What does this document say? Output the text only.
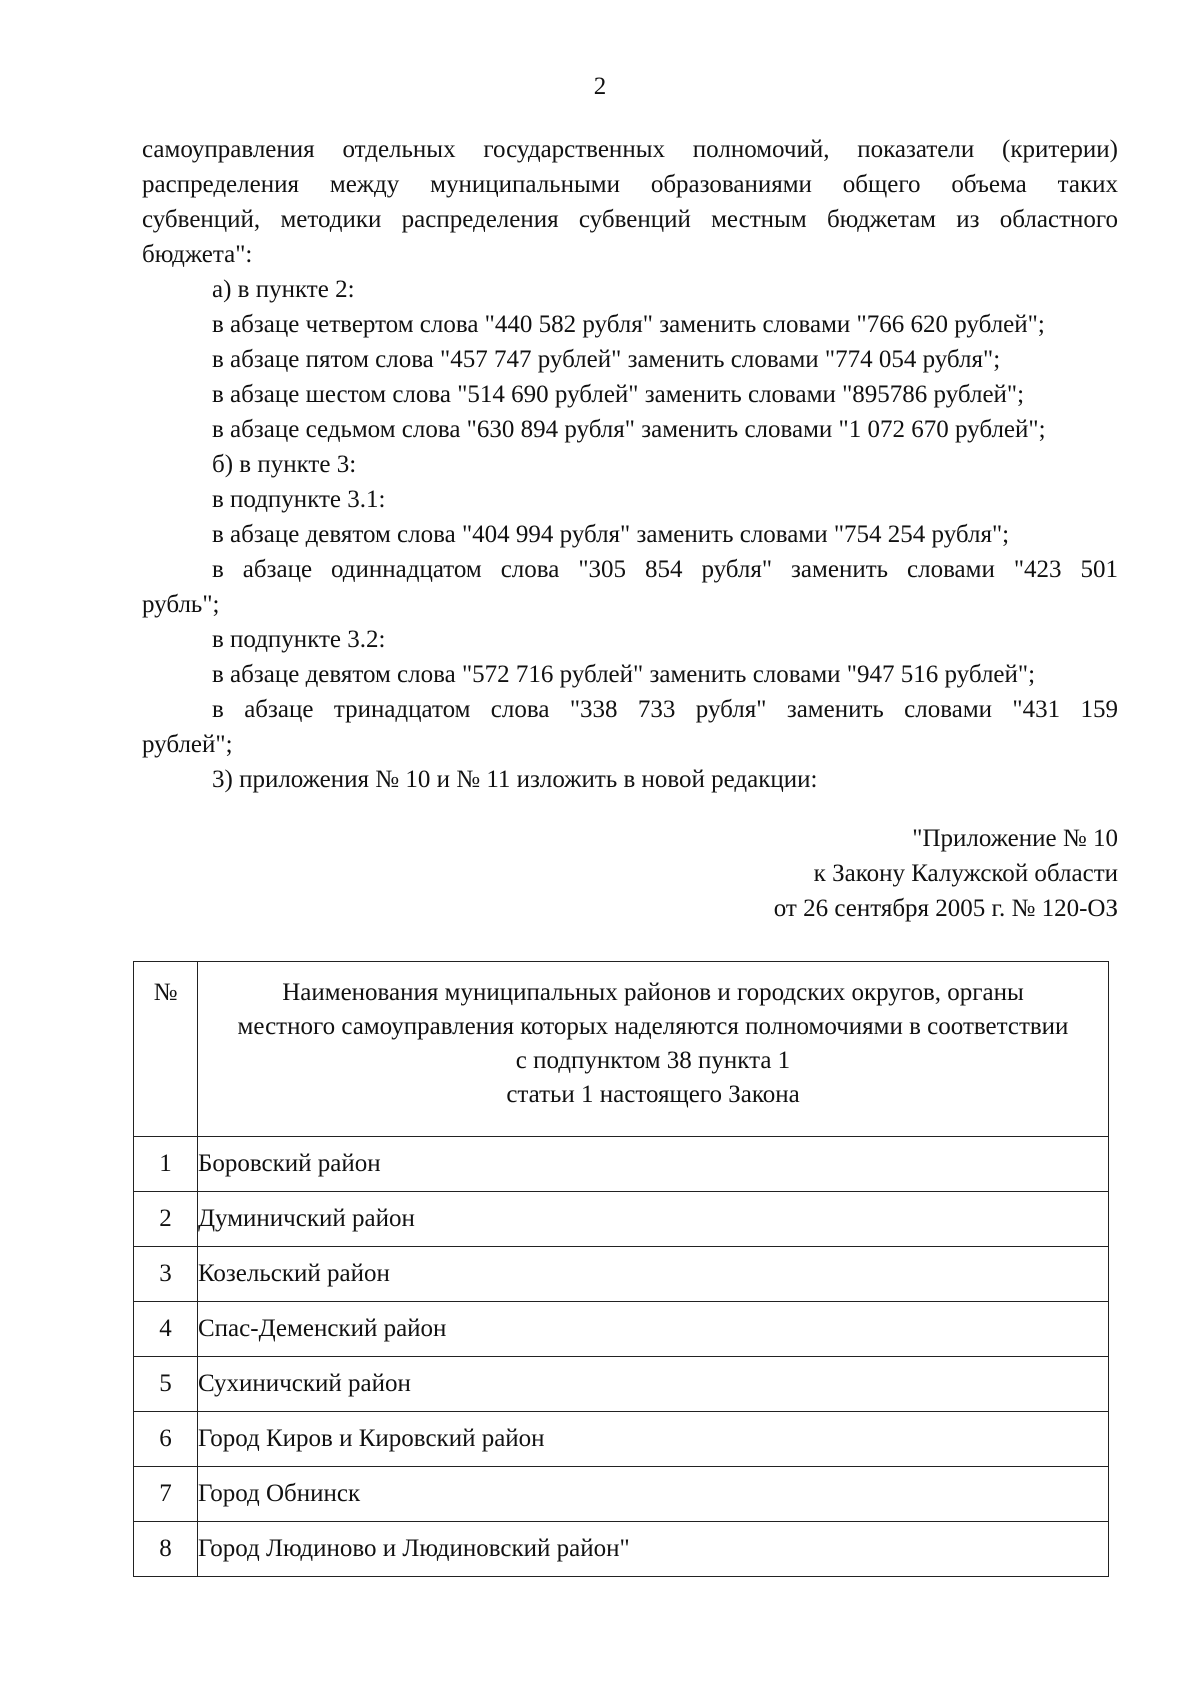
2

самоуправления отдельных государственных полномочий, показатели (критерии)

распределения между муниципальными образованиями общего объема таких

субвенций, методики распределения субвенций местным бюджетам из областного

бюджета":

а) в пункте 2:

в абзаце четвертом слова "440 582 рубля" заменить словами "766 620 рублей";

в абзаце пятом слова "457 747 рублей" заменить словами "774 054 рубля";

в абзаце шестом слова "514 690 рублей" заменить словами "895786 рублей";

в абзаце седьмом слова "630 894 рубля" заменить словами "1 072 670 рублей";

б) в пункте 3:

в подпункте 3.1:

в абзаце девятом слова "404 994 рубля" заменить словами "754 254 рубля";

в абзаце одиннадцатом слова "305 854 рубля" заменить словами "423 501

рубль";

в подпункте 3.2:

в абзаце девятом слова "572 716 рублей" заменить словами "947 516 рублей";

в абзаце тринадцатом слова "338 733 рубля" заменить словами "431 159

рублей";

3) приложения № 10 и № 11 изложить в новой редакции:

"Приложение № 10
к Закону Калужской области
от 26 сентября 2005 г. № 120-ОЗ
№	Наименования муниципальных районов и городских округов, органы
местного самоуправления которых наделяются полномочиями в соответствии
с подпунктом 38 пункта 1
статьи 1 настоящего Закона

1	Боровский район
2	Думиничский район
3	Козельский район
4	Спас-Деменский район
5	Сухиничский район
6	Город Киров и Кировский район
7	Город Обнинск
8	Город Людиново и Людиновский район"
